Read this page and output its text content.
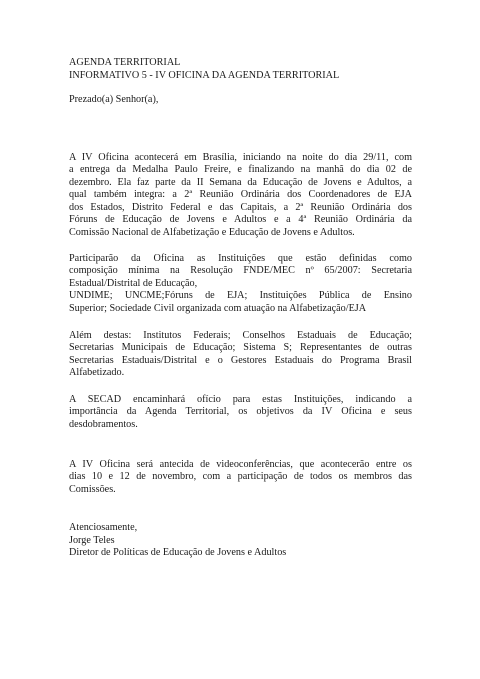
AGENDA TERRITORIAL
INFORMATIVO 5 - IV OFICINA DA AGENDA TERRITORIAL
Prezado(a) Senhor(a),
A IV Oficina acontecerá em Brasília, iniciando na noite do dia 29/11, com
a entrega da Medalha Paulo Freire, e finalizando na manhã do dia 02 de
dezembro. Ela faz parte da II Semana da Educação de Jovens e Adultos, a
qual também integra: a 2ª Reunião Ordinária dos Coordenadores de EJA
dos Estados, Distrito Federal e das Capitais, a 2ª Reunião Ordinária dos
Fóruns de Educação de Jovens e Adultos e a 4ª Reunião Ordinária da
Comissão Nacional de Alfabetização e Educação de Jovens e Adultos.
Participarão da Oficina as Instituições que estão definidas como
composição mínima na Resolução FNDE/MEC nº 65/2007: Secretaria
Estadual/Distrital de Educação,
UNDIME; UNCME;Fóruns de EJA; Instituições Pública de Ensino
Superior; Sociedade Civil organizada com atuação na Alfabetização/EJA
Além destas: Institutos Federais; Conselhos Estaduais de Educação;
Secretarias Municipais de Educação; Sistema S; Representantes de outras
Secretarias Estaduais/Distrital e o Gestores Estaduais do Programa Brasil
Alfabetizado.
A SECAD encaminhará ofício para estas Instituições, indicando a
importância da Agenda Territorial, os objetivos da IV Oficina e seus
desdobramentos.
A IV Oficina será antecida de videoconferências, que acontecerão entre os
dias 10 e 12 de novembro, com a participação de todos os membros das
Comissões.
Atenciosamente,
Jorge Teles
Diretor de Políticas de Educação de Jovens e Adultos
